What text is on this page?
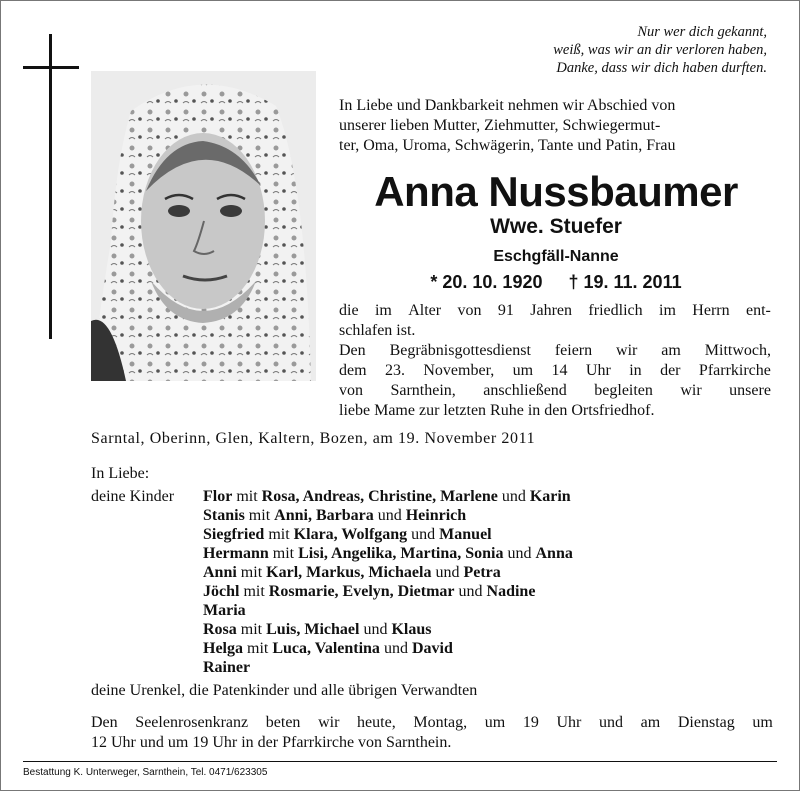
Nur wer dich gekannt,
weiß, was wir an dir verloren haben,
Danke, dass wir dich haben durften.
In Liebe und Dankbarkeit nehmen wir Abschied von
unserer lieben Mutter, Ziehmutter, Schwiegermut-
ter, Oma, Uroma, Schwägerin, Tante und Patin, Frau
Anna Nussbaumer
Wwe. Stuefer
Eschgfäll-Nanne
* 20. 10. 1920 † 19. 11. 2011
die im Alter von 91 Jahren friedlich im Herrn ent-
schlafen ist.
Den Begräbnisgottesdienst feiern wir am Mittwoch,
dem 23. November, um 14 Uhr in der Pfarrkirche
von Sarnthein, anschließend begleiten wir unsere
liebe Mame zur letzten Ruhe in den Ortsfriedhof.
Sarntal, Oberinn, Glen, Kaltern, Bozen, am 19. November 2011
In Liebe:
deine Kinder	Flor mit Rosa, Andreas, Christine, Marlene und Karin
Stanis mit Anni, Barbara und Heinrich
Siegfried mit Klara, Wolfgang und Manuel
Hermann mit Lisi, Angelika, Martina, Sonia und Anna
Anni mit Karl, Markus, Michaela und Petra
Jöchl mit Rosmarie, Evelyn, Dietmar und Nadine
Maria
Rosa mit Luis, Michael und Klaus
Helga mit Luca, Valentina und David
Rainer
deine Urenkel, die Patenkinder und alle übrigen Verwandten
Den Seelenrosenkranz beten wir heute, Montag, um 19 Uhr und am Dienstag um
12 Uhr und um 19 Uhr in der Pfarrkirche von Sarnthein.
Bestattung K. Unterweger, Sarnthein, Tel. 0471/623305
